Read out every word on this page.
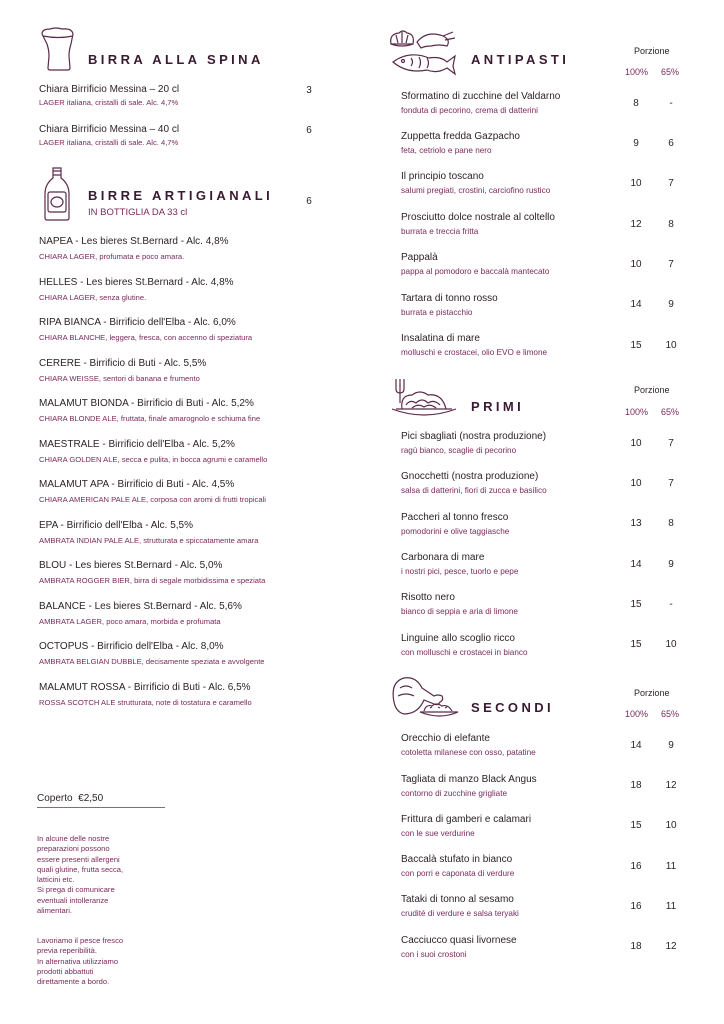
BIRRA ALLA SPINA
Chiara Birrificio Messina – 20 cl
LAGER italiana, cristalli di sale. Alc. 4,7%
3
Chiara Birrificio Messina – 40 cl
LAGER italiana, cristalli di sale. Alc. 4,7%
6
BIRRE ARTIGIANALI
IN BOTTIGLIA DA 33 cl
6
NAPEA - Les bieres St.Bernard - Alc. 4,8%
CHIARA LAGER, profumata e poco amara.
HELLES - Les bieres St.Bernard - Alc. 4,8%
CHIARA LAGER, senza glutine.
RIPA BIANCA - Birrificio dell'Elba - Alc. 6,0%
CHIARA BLANCHE, leggera, fresca, con accenno di speziatura
CERERE - Birrificio di Buti - Alc. 5,5%
CHIARA WEISSE, sentori di banana e frumento
MALAMUT BIONDA - Birrificio di Buti - Alc. 5,2%
CHIARA BLONDE ALE, fruttata, finale amarognolo e schiuma fine
MAESTRALE - Birrificio dell'Elba - Alc. 5,2%
CHIARA GOLDEN ALE, secca e pulita, in bocca agrumi e caramello
MALAMUT APA - Birrificio di Buti - Alc. 4,5%
CHIARA AMERICAN PALE ALE, corposa con aromi di frutti tropicali
EPA - Birrificio dell'Elba - Alc. 5,5%
AMBRATA INDIAN PALE ALE, strutturata e spiccatamente amara
BLOU - Les bieres St.Bernard - Alc. 5,0%
AMBRATA ROGGER BIER, birra di segale morbidissima e speziata
BALANCE - Les bieres St.Bernard - Alc. 5,6%
AMBRATA LAGER, poco amara, morbida e profumata
OCTOPUS - Birrificio dell'Elba - Alc. 8,0%
AMBRATA BELGIAN DUBBLE, decisamente speziata e avvolgente
MALAMUT ROSSA - Birrificio di Buti - Alc. 6,5%
ROSSA SCOTCH ALE strutturata, note di tostatura e caramello
Coperto  €2,50
In alcune delle nostre
preparazioni possono
essere presenti allergeni
quali glutine, frutta secca,
latticini etc.
Si prega di comunicare
eventuali intolleranze
alimentari.
Lavoriamo il pesce fresco
previa reperibilità.
In alternativa utilizziamo
prodotti abbattuti
direttamente a bordo.
ANTIPASTI
Porzione
100% 65%
Sformatino di zucchine del Valdarno
fonduta di pecorino, crema di datterini
8	-
Zuppetta fredda Gazpacho
feta, cetriolo e pane nero
9	6
Il principio toscano
salumi pregiati, crostini, carciofino rustico
10	7
Prosciutto dolce nostrale al coltello
burrata e treccia fritta
12	8
Pappalà
pappa al pomodoro e baccalà mantecato
10	7
Tartara di tonno rosso
burrata e pistacchio
14	9
Insalatina di mare
molluschi e crostacei, olio EVO e limone
15	10
PRIMI
Porzione
100% 65%
Pici sbagliati (nostra produzione)
ragù bianco, scaglie di pecorino
10	7
Gnocchetti (nostra produzione)
salsa di datterini, fiori di zucca e basilico
10	7
Paccheri al tonno fresco
pomodorini e olive taggiasche
13	8
Carbonara di mare
i nostri pici, pesce, tuorlo e pepe
14	9
Risotto nero
bianco di seppia e aria di limone
15	-
Linguine allo scoglio ricco
con molluschi e crostacei in bianco
15	10
SECONDI
Porzione
100% 65%
Orecchio di elefante
cotoletta milanese con osso, patatine
14	9
Tagliata di manzo Black Angus
contorno di zucchine grigliate
18	12
Frittura di gamberi e calamari
con le sue verdurine
15	10
Baccalà stufato in bianco
con porri e caponata di verdure
16	11
Tataki di tonno al sesamo
crudité di verdure e salsa teryaki
16	11
Cacciucco quasi livornese
con i suoi crostoni
18	12
